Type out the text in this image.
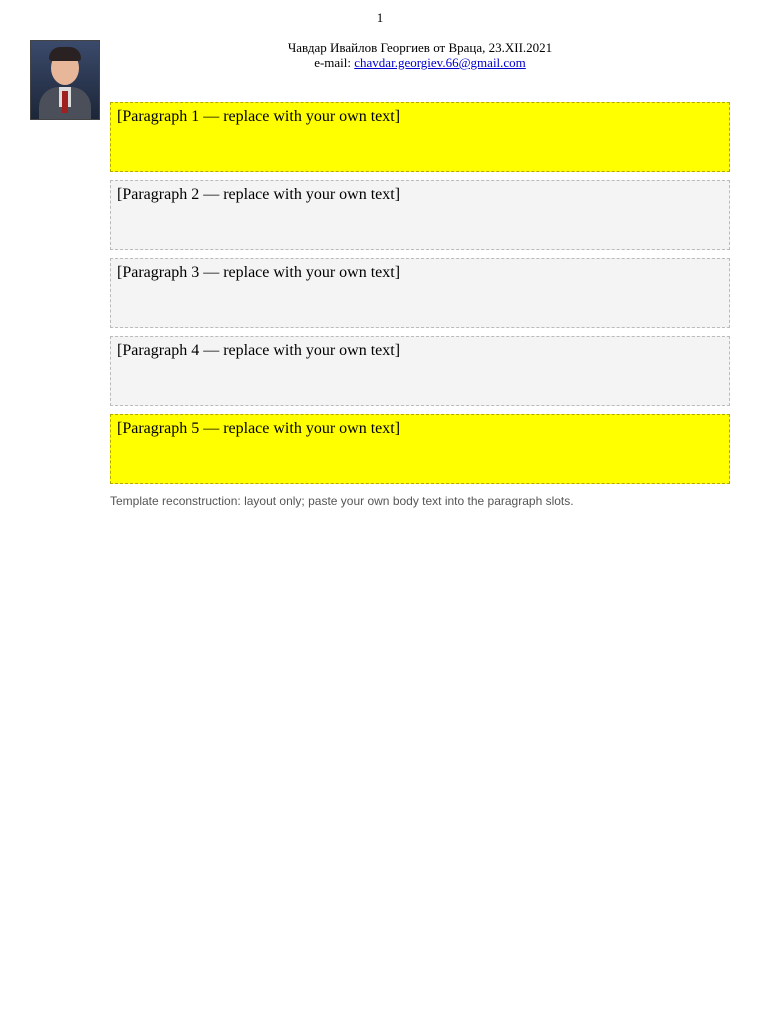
1
Чавдар Ивайлов Георгиев от Враца, 23.XII.2021
e-mail: chavdar.georgiev.66@gmail.com

[Paragraph 1 — replace with your own text]

[Paragraph 2 — replace with your own text]

[Paragraph 3 — replace with your own text]

[Paragraph 4 — replace with your own text]

[Paragraph 5 — replace with your own text]

Template reconstruction: layout only; paste your own body text into the paragraph slots.
